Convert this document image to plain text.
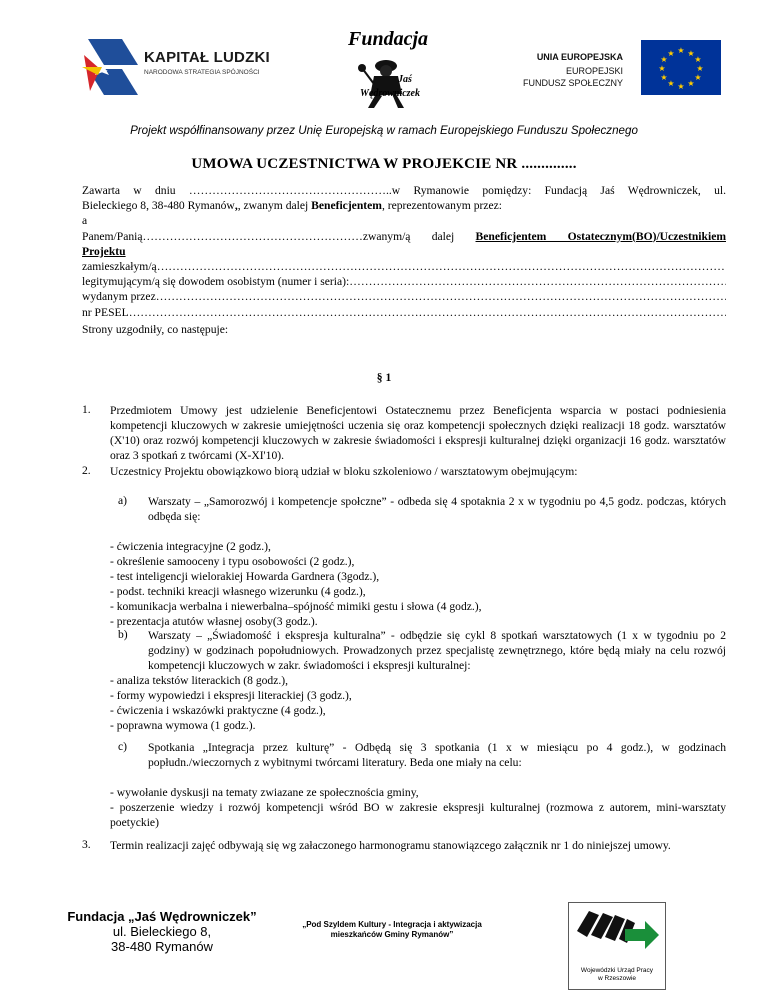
KAPITAŁ LUDZKI
NARODOWA STRATEGIA SPÓJNOŚCI
Fundacja
Jaś
Wędrowniczek
UNIA EUROPEJSKA
EUROPEJSKI
FUNDUSZ SPOŁECZNY
★ ★
★
★
★
★
★
★
★
★
★
★
Projekt współfinansowany przez Unię Europejską w ramach Europejskiego Funduszu Społecznego
UMOWA UCZESTNICTWA W PROJEKCIE NR ..............
Zawarta w dniu ……………………………………………..w Rymanowie pomiędzy: Fundacją Jaś Wędrowniczek, ul.
Bieleckiego 8, 38-480 Rymanów,, zwanym dalej Beneficjentem, reprezentowanym przez:
a
Panem/Panią…………………………………………………zwanym/ą dalej Beneficjentem Ostatecznym(BO)/Uczestnikiem
Projektu
zamieszkałym/ą
……………………………………………………………………………………………………………………………………………………………………………………………………………
legitymującym/ą się dowodem osobistym (numer i seria):
……………………………………………………………………………………………………………………………………………………………………………………………………………
wydanym przez
……………………………………………………………………………………………………………………………………………………………………………………………………………
nr PESEL
……………………………………………………………………………………………………………………………………………………………………………………………………………
Strony uzgodniły, co następuje:
§ 1
1. Przedmiotem Umowy jest udzielenie Beneficjentowi Ostatecznemu przez Beneficjenta wsparcia w postaci podniesienia kompetencji kluczowych w zakresie umiejętności uczenia się oraz kompetencji społecznych dzięki realizacji 18 godz. warsztatów (X'10) oraz rozwój kompetencji kluczowych w zakresie świadomości i ekspresji kulturalnej dzięki organizacji 16 godz. warsztatów oraz 3 spotkań z twórcami (X-XI'10).
2. Uczestnicy Projektu obowiązkowo biorą udział w bloku szkoleniowo / warsztatowym obejmującym:
a) Warszaty – „Samorozwój i kompetencje społczne” - odbeda się 4 spotaknia 2 x w tygodniu po 4,5 godz. podczas, których odbęda się:
- ćwiczenia integracyjne (2 godz.),
- określenie samooceny i typu osobowości (2 godz.),
- test inteligencji wielorakiej Howarda Gardnera (3godz.),
- podst. techniki kreacji własnego wizerunku (4 godz.),
- komunikacja werbalna i niewerbalna–spójność mimiki gestu i słowa (4 godz.),
- prezentacja atutów własnej osoby(3 godz.).
b) Warszaty – „Świadomość i ekspresja kulturalna” - odbędzie się cykl 8 spotkań warsztatowych (1 x w tygodniu po 2 godziny) w godzinach popołudniowych. Prowadzonych przez specjalistę zewnętrznego, które będą miały na celu rozwój kompetencji kluczowych w zakr. świadomości i ekspresji kulturalnej:
- analiza tekstów literackich (8 godz.),
- formy wypowiedzi i ekspresji literackiej (3 godz.),
- ćwiczenia i wskazówki praktyczne (4 godz.),
- poprawna wymowa (1 godz.).
c) Spotkania „Integracja przez kulturę” - Odbędą się 3 spotkania (1 x w miesiącu po 4 godz.), w godzinach popłudn./wieczornych z wybitnymi twórcami literatury. Beda one miały na celu:
- wywołanie dyskusji na tematy zwiazane ze społecznościa gminy,
- poszerzenie wiedzy i rozwój kompetencji wśród BO w zakresie ekspresji kulturalnej (rozmowa z autorem, mini-warsztaty poetyckie)
3. Termin realizacji zajęć odbywają się wg załaczonego harmonogramu stanowiązcego załącznik nr 1 do niniejszej umowy.
Fundacja „Jaś Wędrowniczek”
ul. Bieleckiego 8,
38-480 Rymanów
„Pod Szyldem Kultury - Integracja i aktywizacja
mieszkańców Gminy Rymanów”
Wojewódzki Urząd Pracy
w Rzeszowie
